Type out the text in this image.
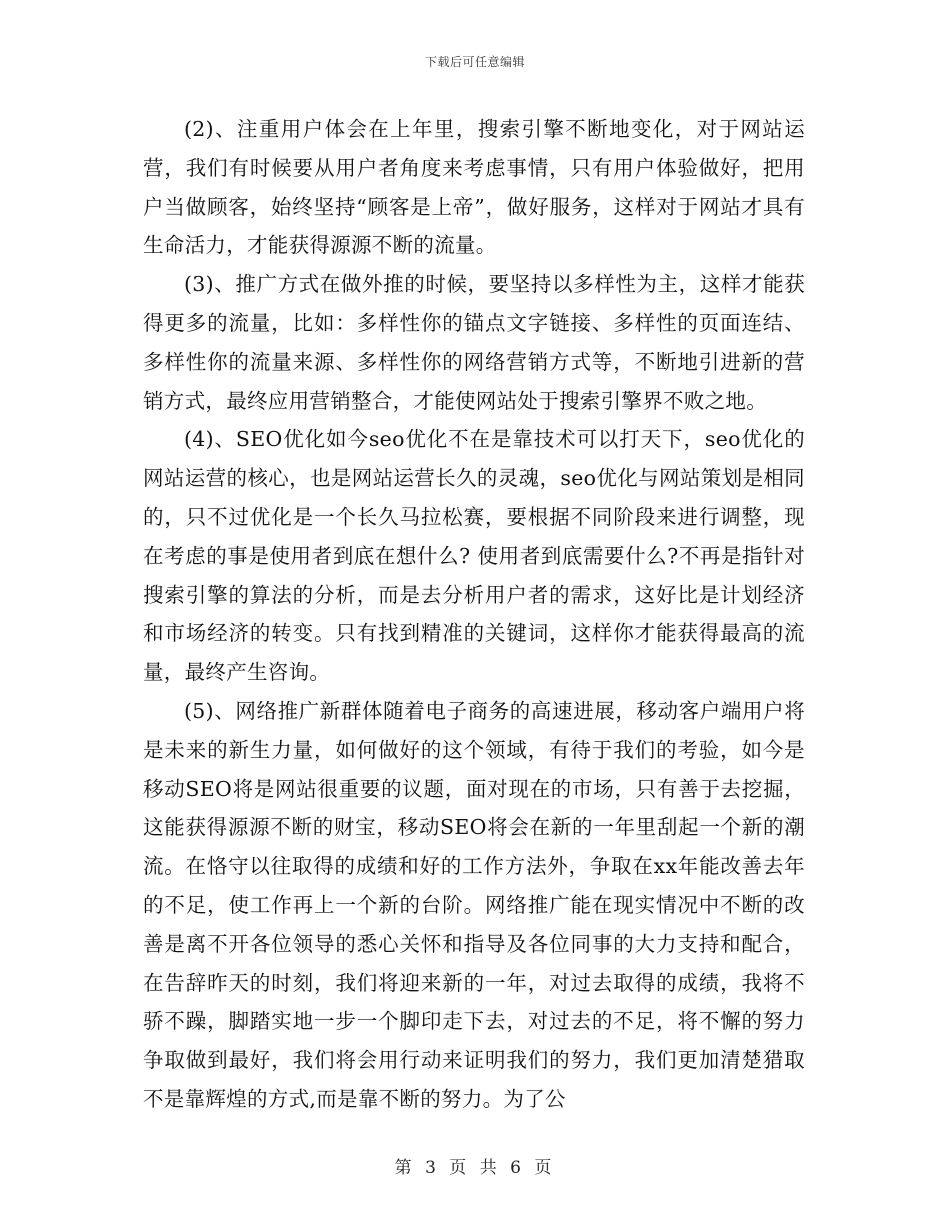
下载后可任意编辑

(2)、注重用户体会在上年里，搜索引擎不断地变化，对于网站运营，我们有时候要从用户者角度来考虑事情，只有用户体验做好，把用户当做顾客，始终坚持“顾客是上帝”，做好服务，这样对于网站才具有生命活力，才能获得源源不断的流量。

(3)、推广方式在做外推的时候，要坚持以多样性为主，这样才能获得更多的流量，比如：多样性你的锚点文字链接、多样性的页面连结、多样性你的流量来源、多样性你的网络营销方式等，不断地引进新的营销方式，最终应用营销整合，才能使网站处于搜索引擎界不败之地。

(4)、SEO优化如今seo优化不在是靠技术可以打天下，seo优化的网站运营的核心，也是网站运营长久的灵魂，seo优化与网站策划是相同的，只不过优化是一个长久马拉松赛，要根据不同阶段来进行调整，现在考虑的事是使用者到底在想什么? 使用者到底需要什么?不再是指针对搜索引擎的算法的分析，而是去分析用户者的需求，这好比是计划经济和市场经济的转变。只有找到精准的关键词，这样你才能获得最高的流量，最终产生咨询。

(5)、网络推广新群体随着电子商务的高速进展，移动客户端用户将是未来的新生力量，如何做好的这个领域，有待于我们的考验，如今是移动SEO将是网站很重要的议题，面对现在的市场，只有善于去挖掘，这能获得源源不断的财宝，移动SEO将会在新的一年里刮起一个新的潮流。在恪守以往取得的成绩和好的工作方法外，争取在xx年能改善去年的不足，使工作再上一个新的台阶。网络推广能在现实情况中不断的改善是离不开各位领导的悉心关怀和指导及各位同事的大力支持和配合，在告辞昨天的时刻，我们将迎来新的一年，对过去取得的成绩，我将不骄不躁，脚踏实地一步一个脚印走下去，对过去的不足，将不懈的努力争取做到最好，我们将会用行动来证明我们的努力，我们更加清楚猎取不是靠辉煌的方式,而是靠不断的努力。为了公

第 3 页 共 6 页
